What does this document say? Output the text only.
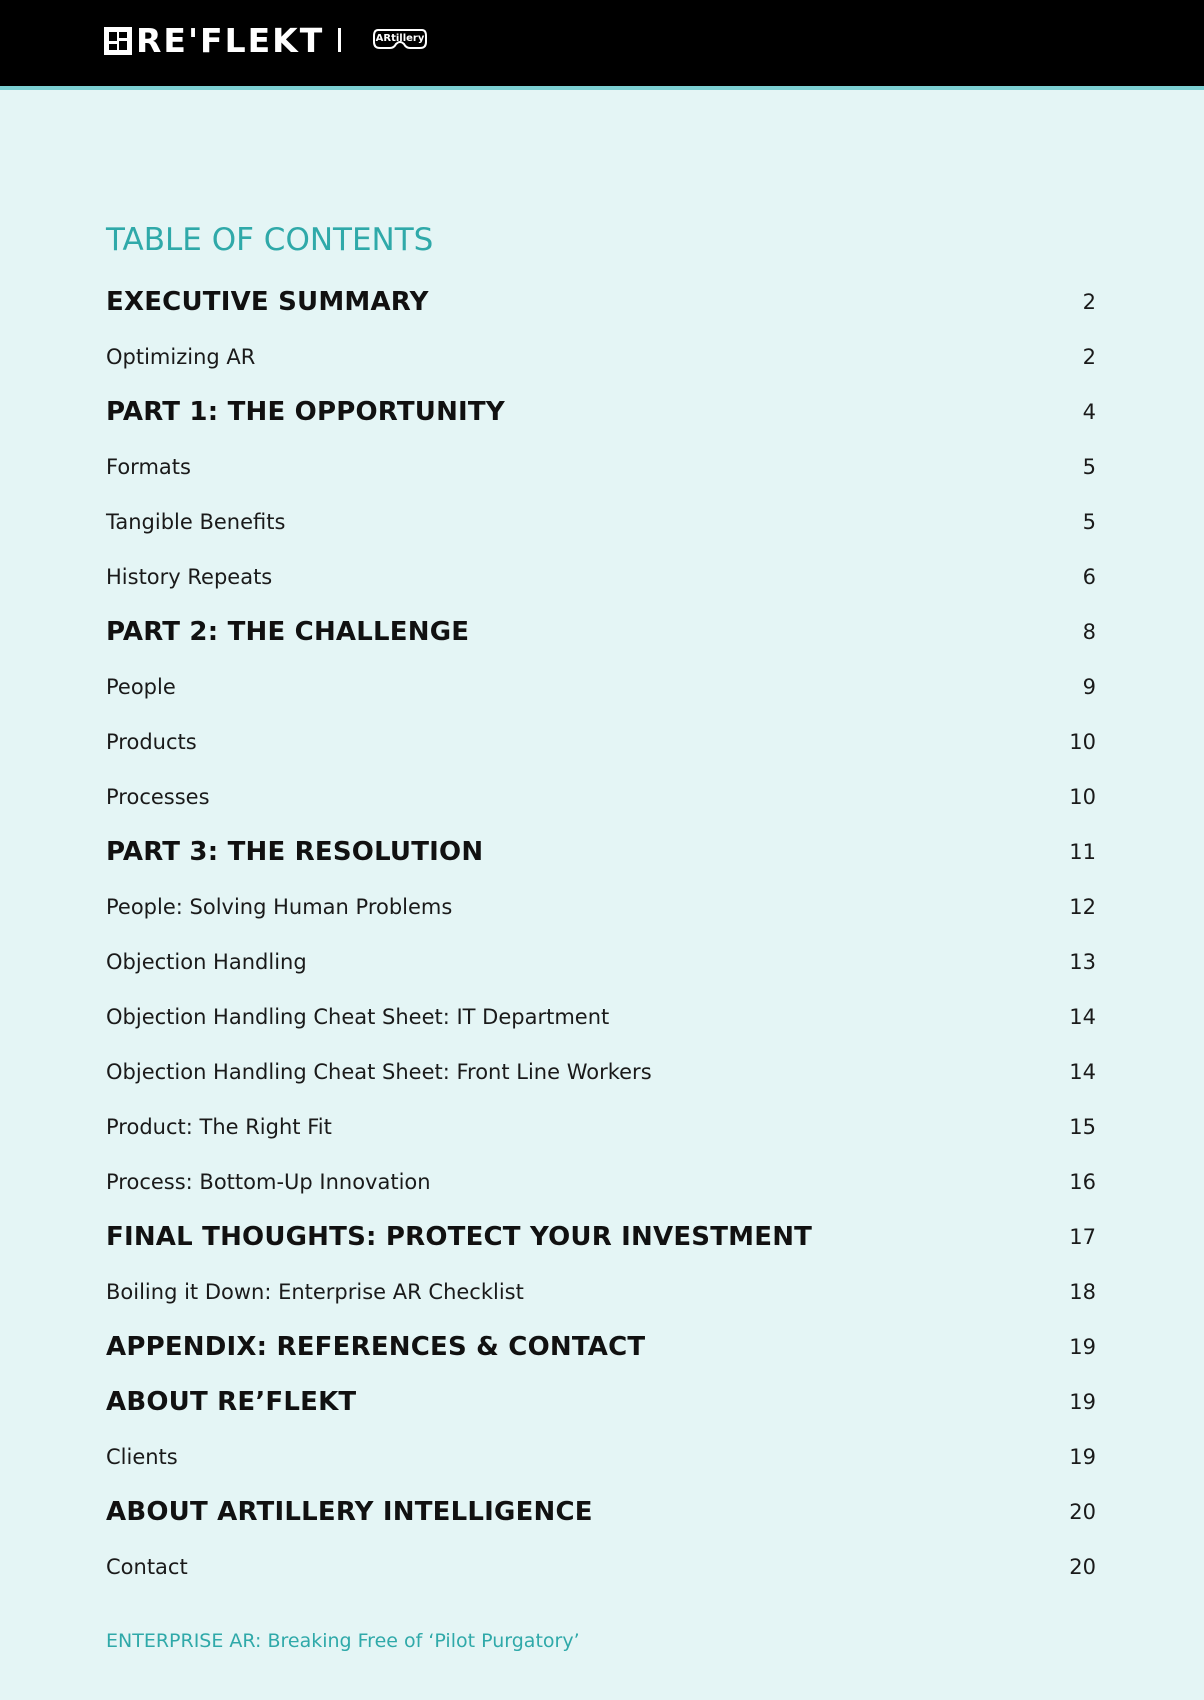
RE'FLEKT	ARtillery
TABLE OF CONTENTS
EXECUTIVE SUMMARY	2
Optimizing AR	2
PART 1: THE OPPORTUNITY	4
Formats	5
Tangible Benefits	5
History Repeats	6
PART 2: THE CHALLENGE	8
People	9
Products	10
Processes	10
PART 3: THE RESOLUTION	11
People: Solving Human Problems	12
Objection Handling	13
Objection Handling Cheat Sheet: IT Department	14
Objection Handling Cheat Sheet: Front Line Workers	14
Product: The Right Fit	15
Process: Bottom-Up Innovation	16
FINAL THOUGHTS: PROTECT YOUR INVESTMENT	17
Boiling it Down: Enterprise AR Checklist	18
APPENDIX: REFERENCES & CONTACT	19
ABOUT RE’FLEKT	19
Clients	19
ABOUT ARTILLERY INTELLIGENCE	20
Contact	20
ENTERPRISE AR: Breaking Free of ‘Pilot Purgatory’
